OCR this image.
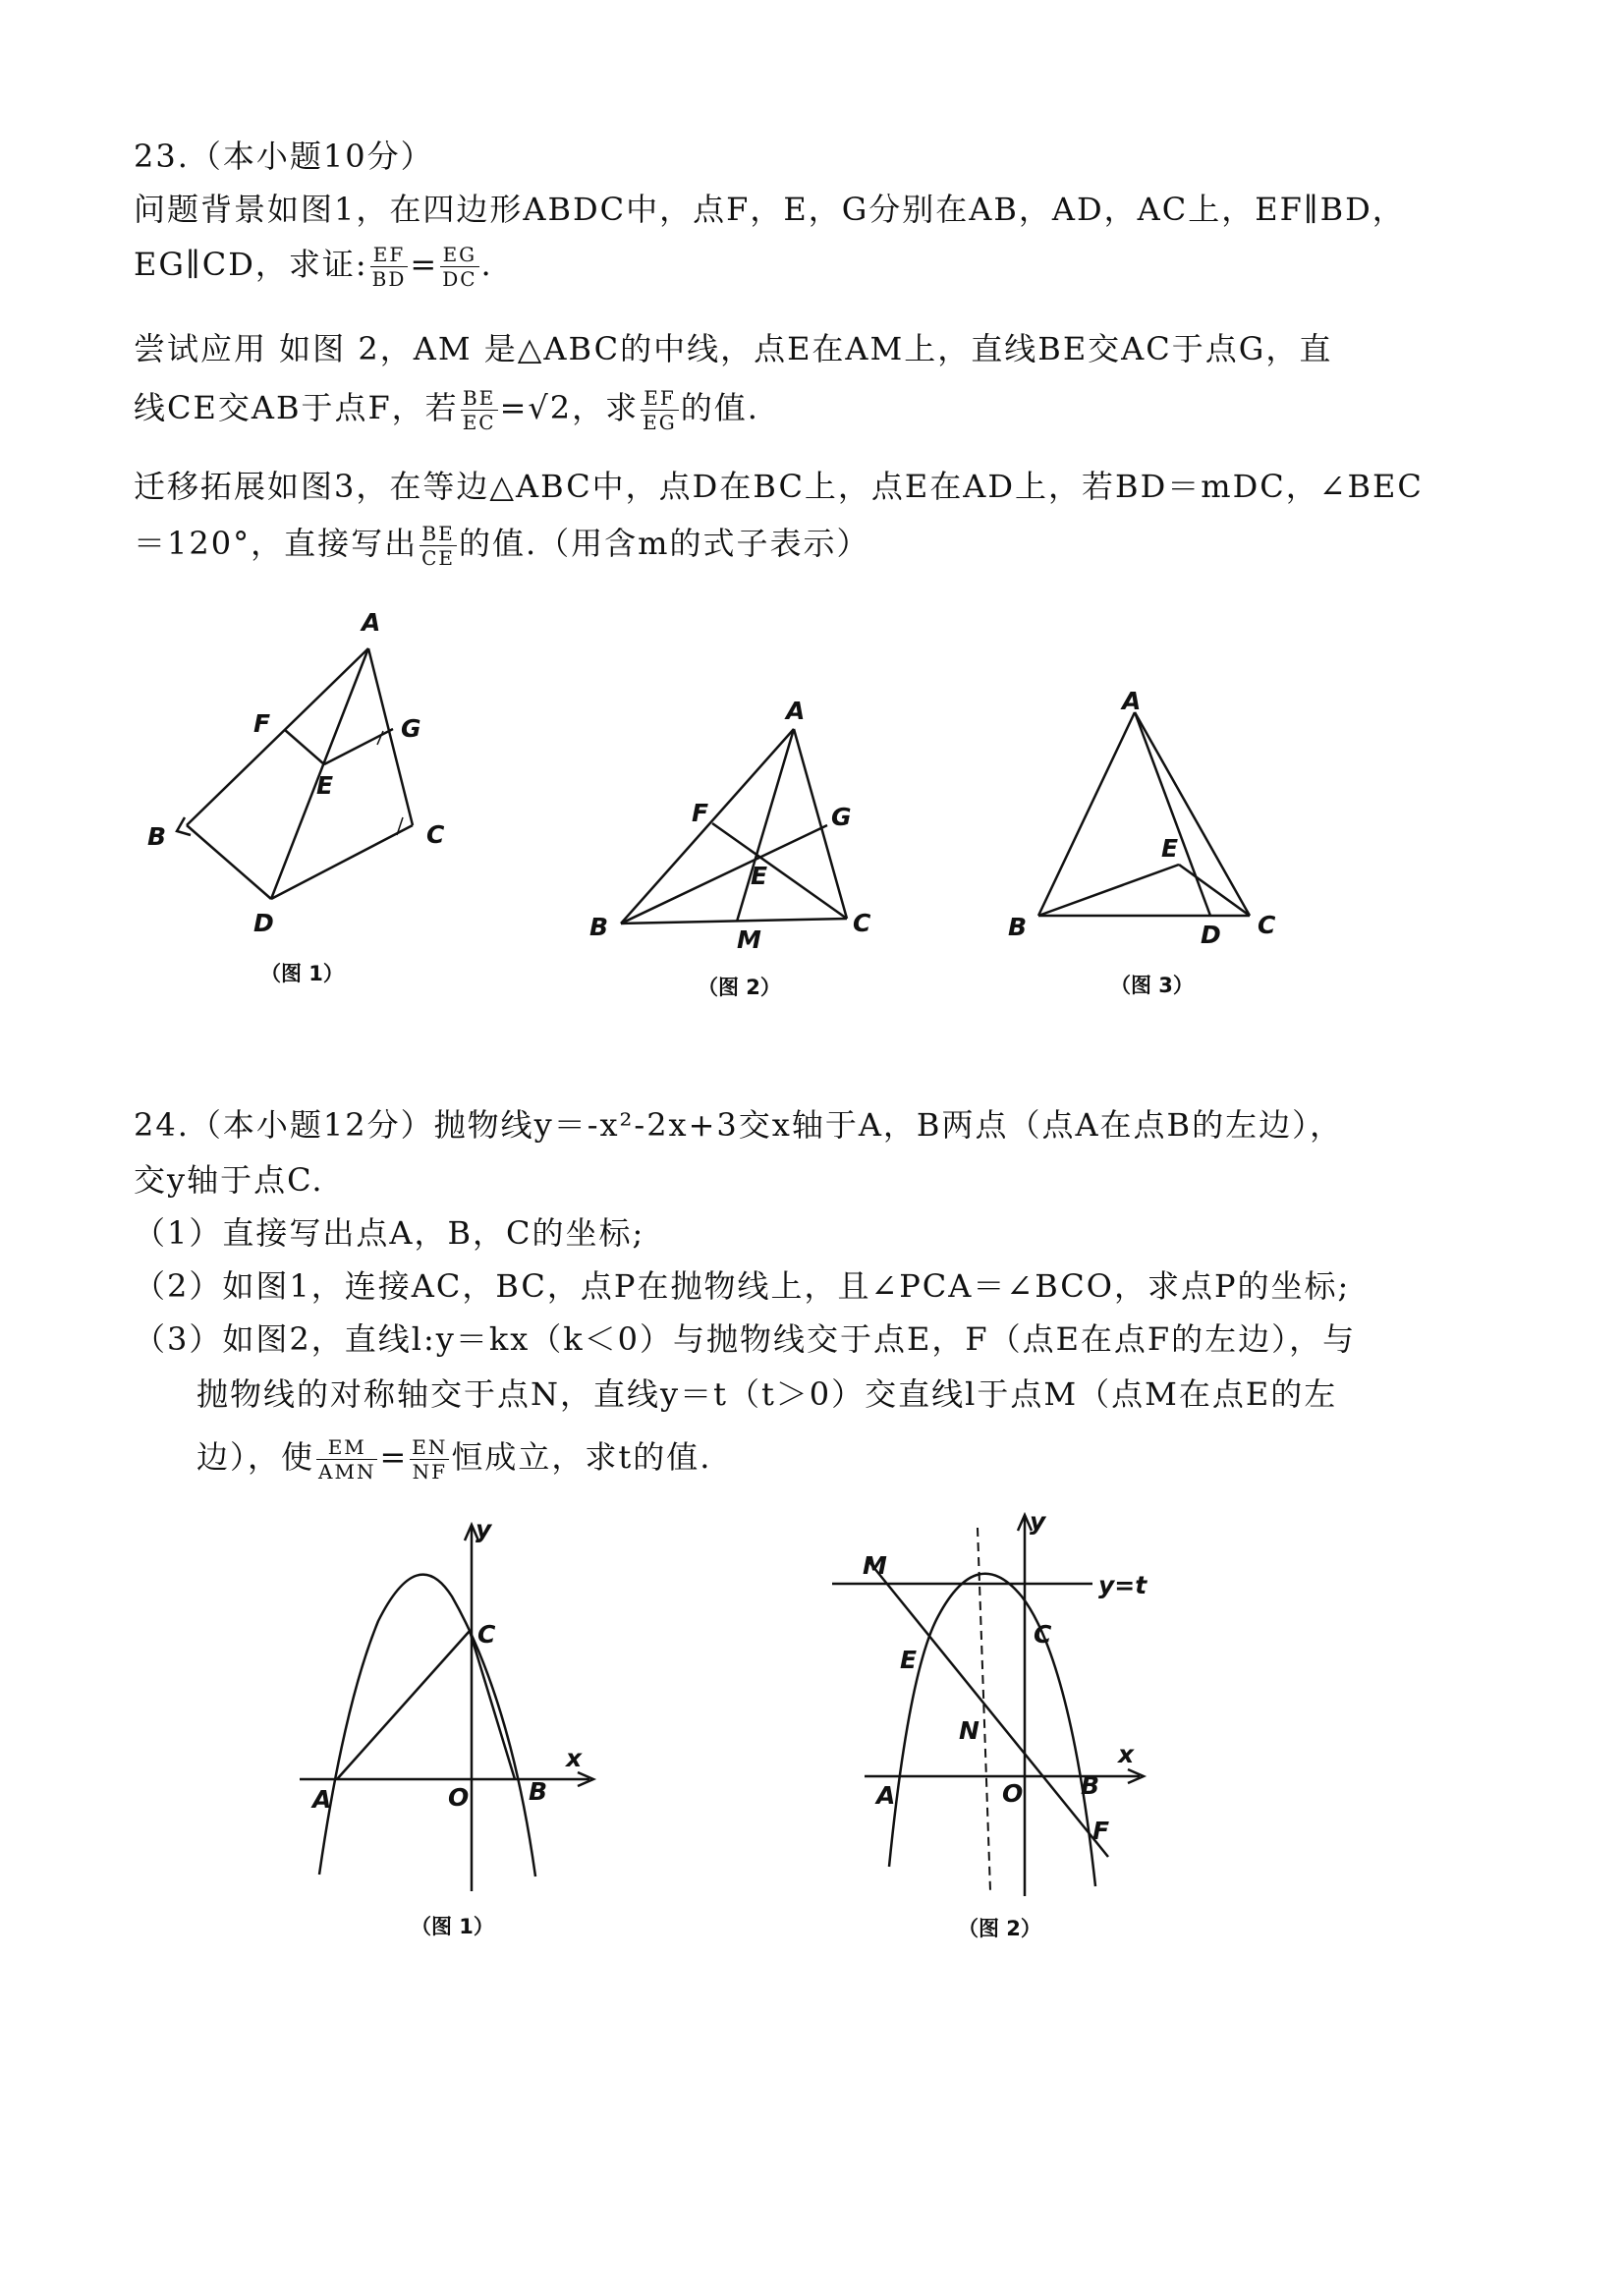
23.（本小题10分）
问题背景如图1，在四边形ABDC中，点F，E，G分别在AB，AD，AC上，EF∥BD，
EG∥CD，求证: $\frac{EF}{BD} = \frac{EG}{DC}$ .
尝试应用 如图 2，AM 是△ABC的中线，点E在AM上，直线BE交AC于点G，直
线CE交AB于点F，若 $\frac{BE}{EC} =√2$，求 $\frac{EF}{EG}$ 的值.
迁移拓展如图3，在等边△ABC中，点D在BC上，点E在AD上，若BD＝mDC，∠BEC
＝120°，直接写出 $\frac{BE}{CE}$ 的值.（用含m的式子表示）
A
F	G
E
B	C
D
（图 1）
A
F	G
E
B	C
M
（图 2）
A
E
B	D C
（图 3）
24.（本小题12分）抛物线y＝-x²-2x+3交x轴于A，B两点（点A在点B的左边），
交y轴于点C.
（1）直接写出点A，B，C的坐标;
（2）如图1，连接AC，BC，点P在抛物线上，且∠PCA＝∠BCO，求点P的坐标;
（3）如图2，直线l:y＝kx（k＜0）与抛物线交于点E，F（点E在点F的左边），与
抛物线的对称轴交于点N，直线y＝t（t＞0）交直线l于点M（点M在点E的左
边），使 $\frac{EM}{\text{AMN}} = \frac{EN}{NF}$ 恒成立，求t的值.
y
C
x
A	O B
（图 1）
M
y
y=t
E
C
N
x
A	O B
F
（图 2）
